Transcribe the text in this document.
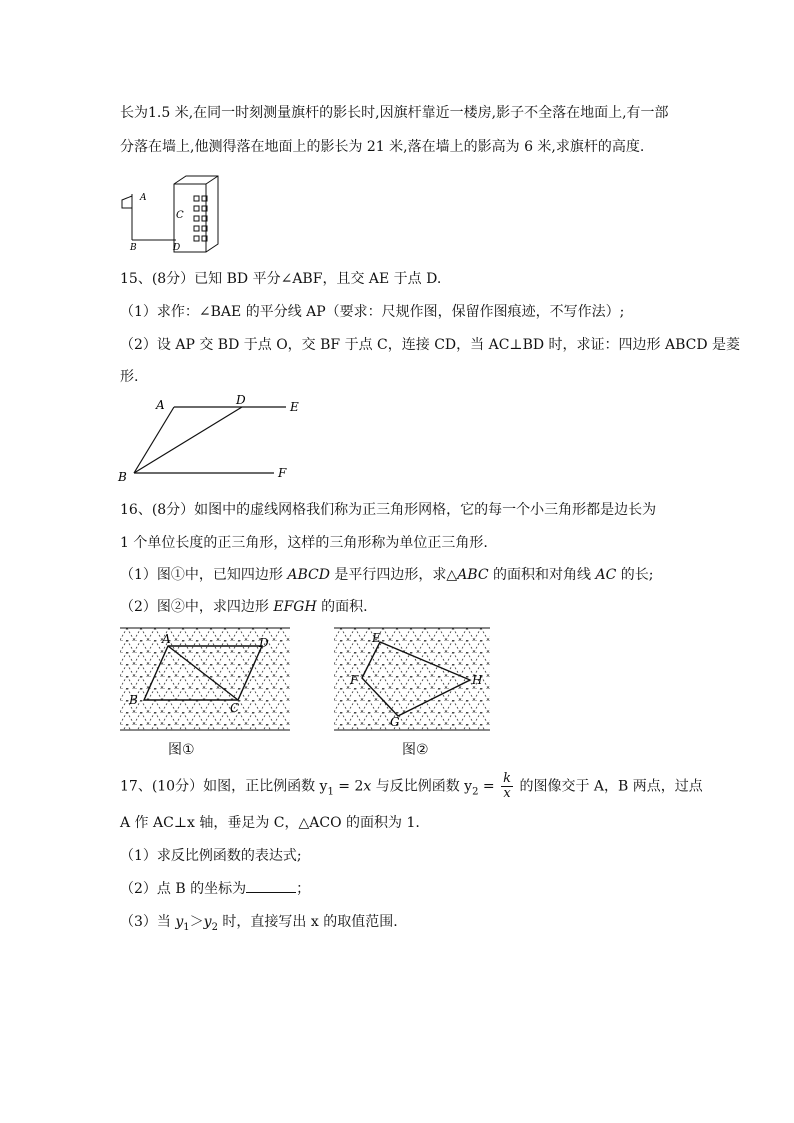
长为1.5 米,在同一时刻测量旗杆的影长时,因旗杆靠近一楼房,影子不全落在地面上,有一部
分落在墙上,他测得落在地面上的影长为 21 米,落在墙上的影高为 6 米,求旗杆的高度.
A
C
B	D
15、(8分）已知 BD 平分∠ABF，且交 AE 于点 D.
（1）求作：∠BAE 的平分线 AP（要求：尺规作图，保留作图痕迹，不写作法）;
（2）设 AP 交 BD 于点 O，交 BF 于点 C，连接 CD，当 AC⊥BD 时，求证：四边形 ABCD 是菱
形.
A	D	E
B	F
16、(8分）如图中的虚线网格我们称为正三角形网格，它的每一个小三角形都是边长为
1 个单位长度的正三角形，这样的三角形称为单位正三角形.
（1）图①中，已知四边形 ABCD 是平行四边形，求△ABC 的面积和对角线 AC 的长;
（2）图②中，求四边形 EFGH 的面积.
A	D
B
C
图①
E
F	H
G
图②
17、(10分）如图，正比例函数 $y_1 = 2x$ 与反比例函数 $y_2 = \frac{k}{x}$ 的图像交于 A，B 两点，过点
A 作 AC⊥x 轴，垂足为 C，△ACO 的面积为 1.
（1）求反比例函数的表达式;
（2）点 B 的坐标为	；
（3）当 $y_1>y_2$ 时，直接写出 x 的取值范围.
